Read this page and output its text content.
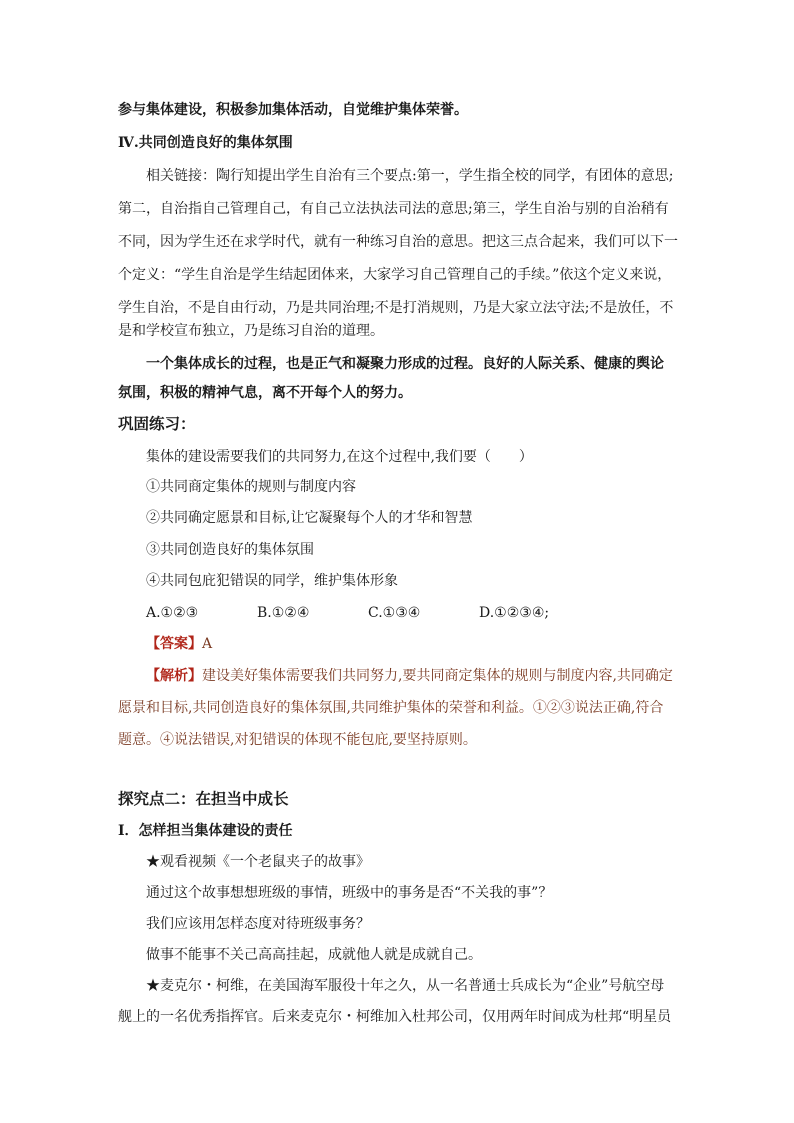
参与集体建设，积极参加集体活动，自觉维护集体荣誉。
Ⅳ.共同创造良好的集体氛围
相关链接：陶行知提出学生自治有三个要点:第一，学生指全校的同学，有团体的意思;
第二，自治指自己管理自己，有自己立法执法司法的意思;第三，学生自治与别的自治稍有
不同，因为学生还在求学时代，就有一种练习自治的意思。把这三点合起来，我们可以下一
个定义：“学生自治是学生结起团体来，大家学习自己管理自己的手续。”依这个定义来说，
学生自治，不是自由行动，乃是共同治理;不是打消规则，乃是大家立法守法;不是放任，不
是和学校宣布独立，乃是练习自治的道理。
一个集体成长的过程，也是正气和凝聚力形成的过程。良好的人际关系、健康的舆论
氛围，积极的精神气息，离不开每个人的努力。
巩固练习：
集体的建设需要我们的共同努力,在这个过程中,我们要（　　）
①共同商定集体的规则与制度内容
②共同确定愿景和目标,让它凝聚每个人的才华和智慧
③共同创造良好的集体氛围
④共同包庇犯错误的同学，维护集体形象
A.①②③	B.①②④	C.①③④	D.①②③④;
【答案】A
【解析】建设美好集体需要我们共同努力,要共同商定集体的规则与制度内容,共同确定
愿景和目标,共同创造良好的集体氛围,共同维护集体的荣誉和利益。①②③说法正确,符合
题意。④说法错误,对犯错误的体现不能包庇,要坚持原则。
探究点二：在担当中成长
Ⅰ．怎样担当集体建设的责任
★观看视频《一个老鼠夹子的故事》
通过这个故事想想班级的事情，班级中的事务是否“不关我的事”？
我们应该用怎样态度对待班级事务？
做事不能事不关己高高挂起，成就他人就是成就自己。
★麦克尔・柯维，在美国海军服役十年之久，从一名普通士兵成长为“企业”号航空母
舰上的一名优秀指挥官。后来麦克尔・柯维加入杜邦公司，仅用两年时间成为杜邦“明星员
